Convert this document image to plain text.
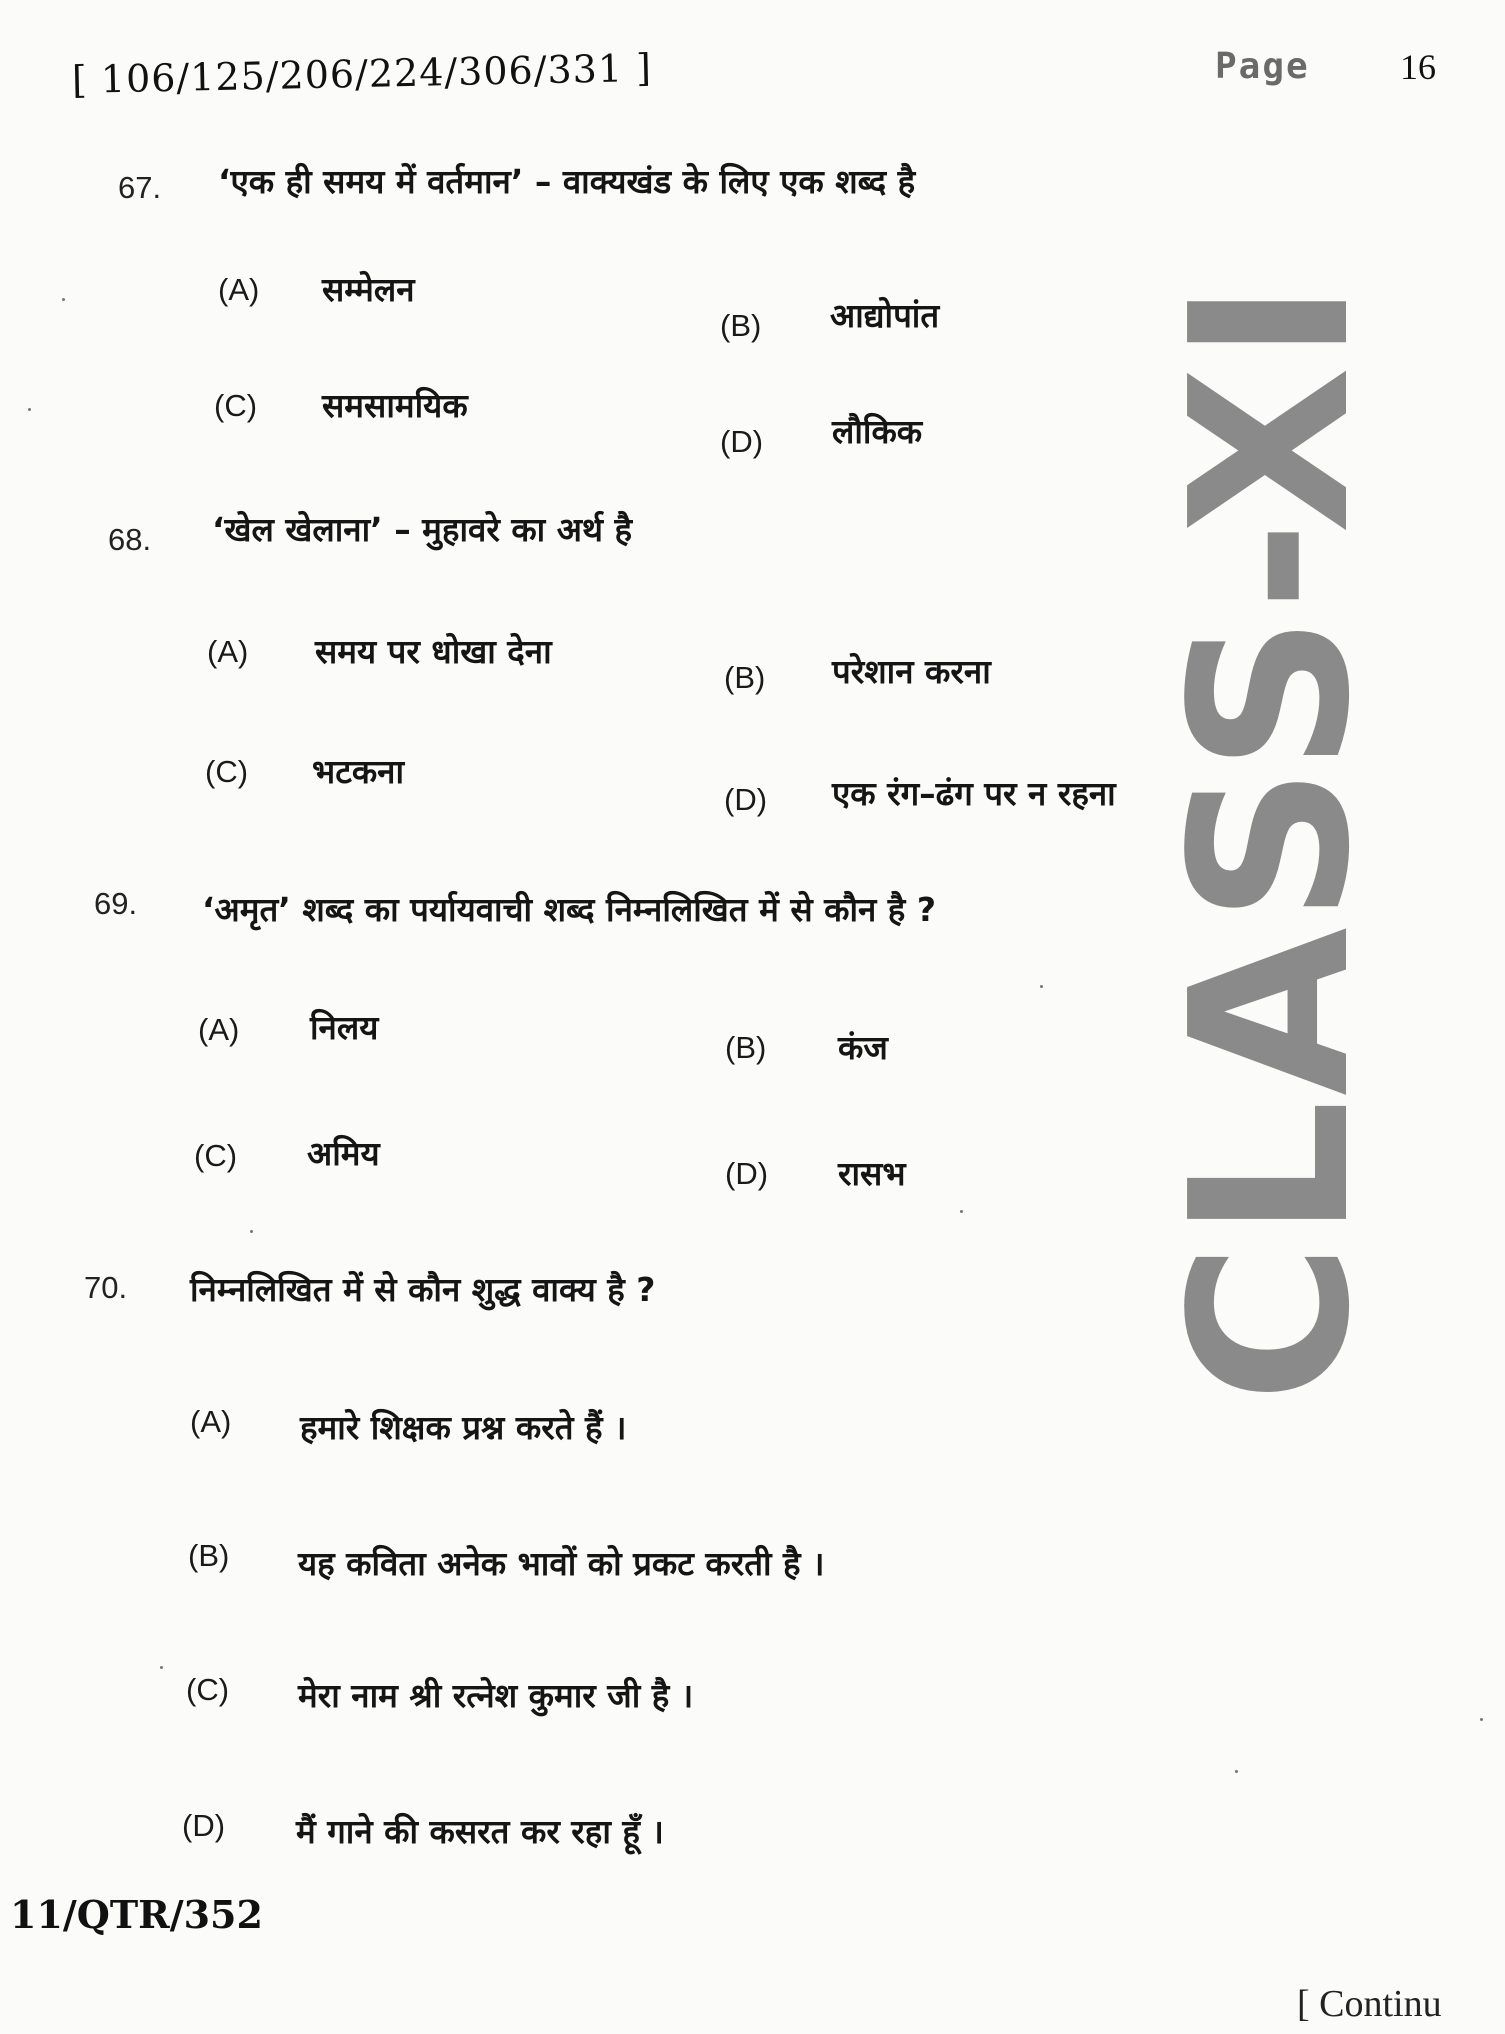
[ 106/125/206/224/306/331 ]	Page	16
67. ‘एक ही समय में वर्तमान’ – वाक्यखंड के लिए एक शब्द है
(A) सम्मेलन
(B) आद्योपांत
(C) समसामयिक
(D) लौकिक
68. ‘खेल खेलाना’ – मुहावरे का अर्थ है
(A) समय पर धोखा देना
(B) परेशान करना
(C) भटकना
(D) एक रंग–ढंग पर न रहना
69. ‘अमृत’ शब्द का पर्यायवाची शब्द निम्नलिखित में से कौन है ?
(A) निलय
(B) कंज
(C) अमिय
(D) रासभ
70. निम्नलिखित में से कौन शुद्ध वाक्य है ?
(A) हमारे शिक्षक प्रश्न करते हैं ।
(B) यह कविता अनेक भावों को प्रकट करती है ।
(C) मेरा नाम श्री रत्नेश कुमार जी है ।
(D) मैं गाने की कसरत कर रहा हूँ ।
CLASS-XI
11/QTR/352
[ Continu
